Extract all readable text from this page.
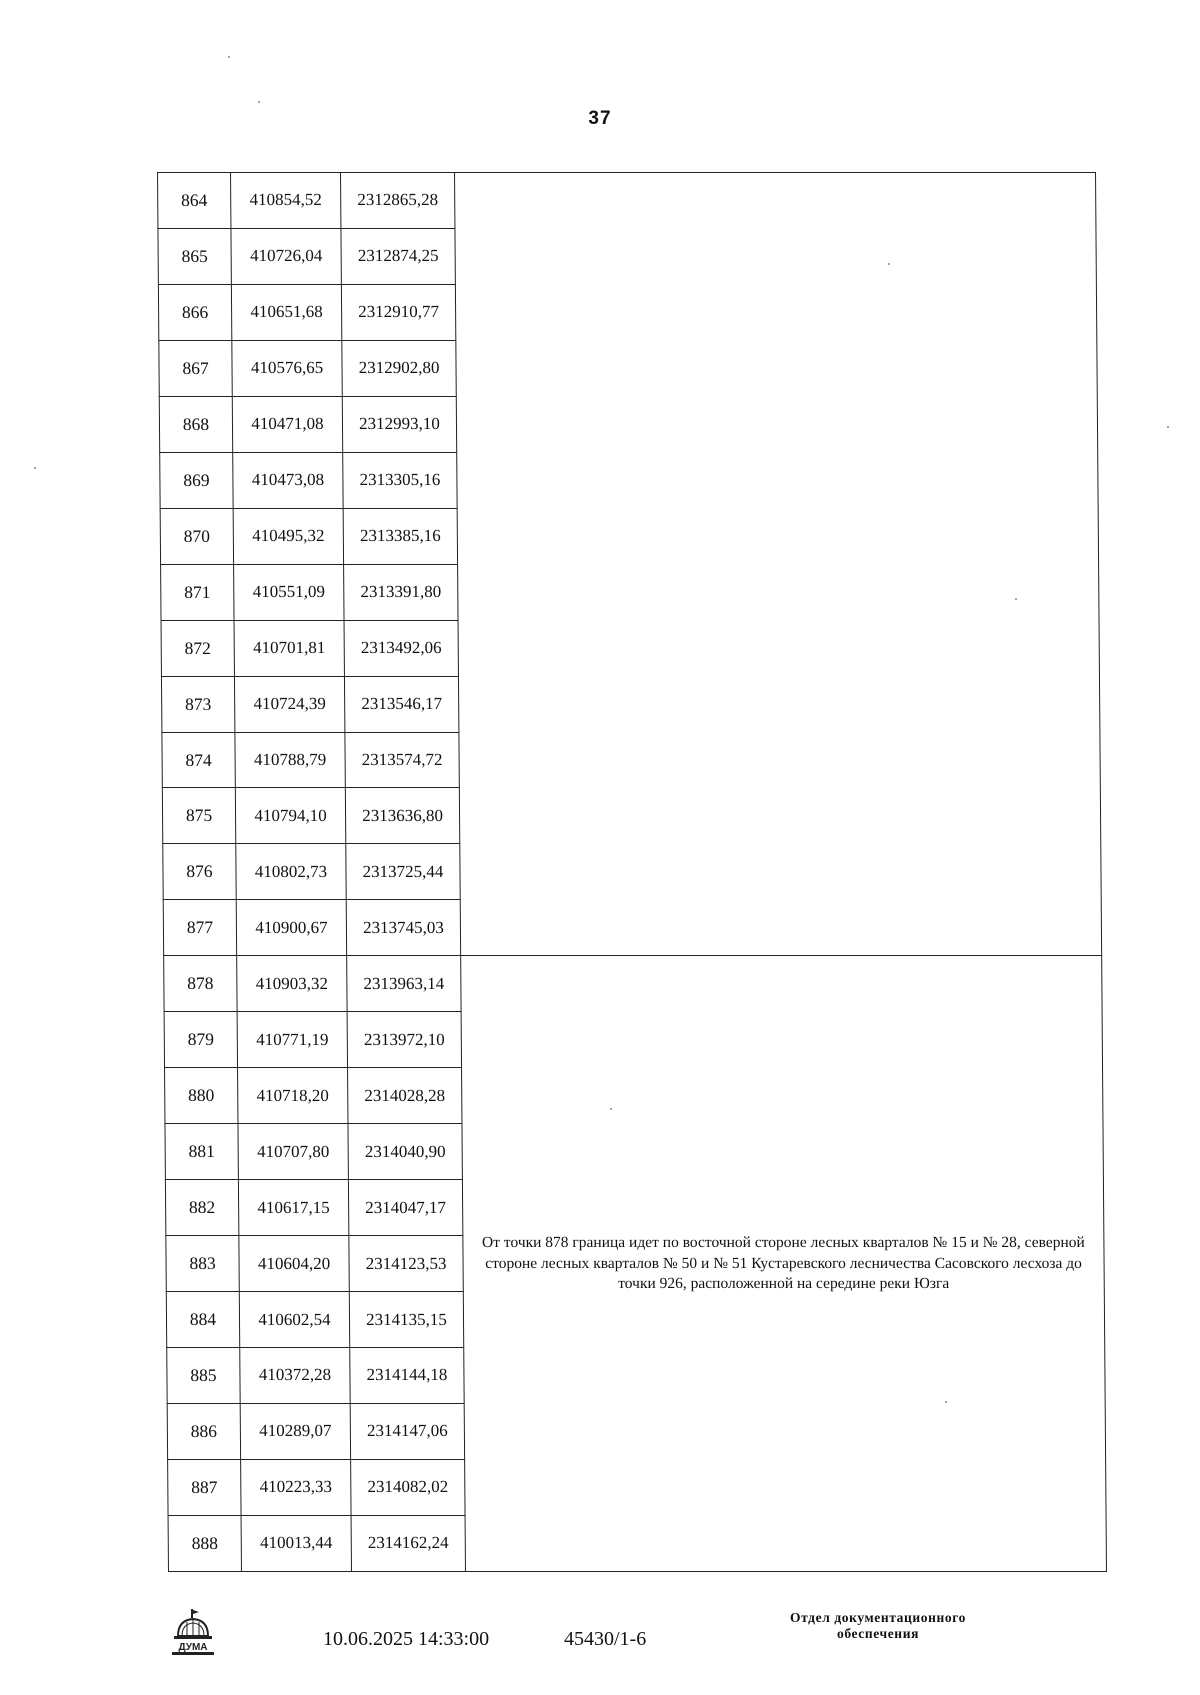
37
864	410854,52	2312865,28	
865	410726,04	2312874,25	
866	410651,68	2312910,77	
867	410576,65	2312902,80	
868	410471,08	2312993,10	
869	410473,08	2313305,16	
870	410495,32	2313385,16	
871	410551,09	2313391,80	
872	410701,81	2313492,06	
873	410724,39	2313546,17	
874	410788,79	2313574,72	
875	410794,10	2313636,80	
876	410802,73	2313725,44	
877	410900,67	2313745,03	
878	410903,32	2313963,14	От точки 878 граница идет по восточной стороне лесных кварталов № 15 и № 28, северной стороне лесных кварталов № 50 и № 51 Кустаревского лесничества Сасовского лесхоза до точки 926, расположенной на середине реки Юзга
879	410771,19	2313972,10	
880	410718,20	2314028,28	
881	410707,80	2314040,90	
882	410617,15	2314047,17	
883	410604,20	2314123,53	
884	410602,54	2314135,15	
885	410372,28	2314144,18	
886	410289,07	2314147,06	
887	410223,33	2314082,02	
888	410013,44	2314162,24	
ДУМА	10.06.2025 14:33:00	45430/1-6
Отдел документационного
обеспечения
